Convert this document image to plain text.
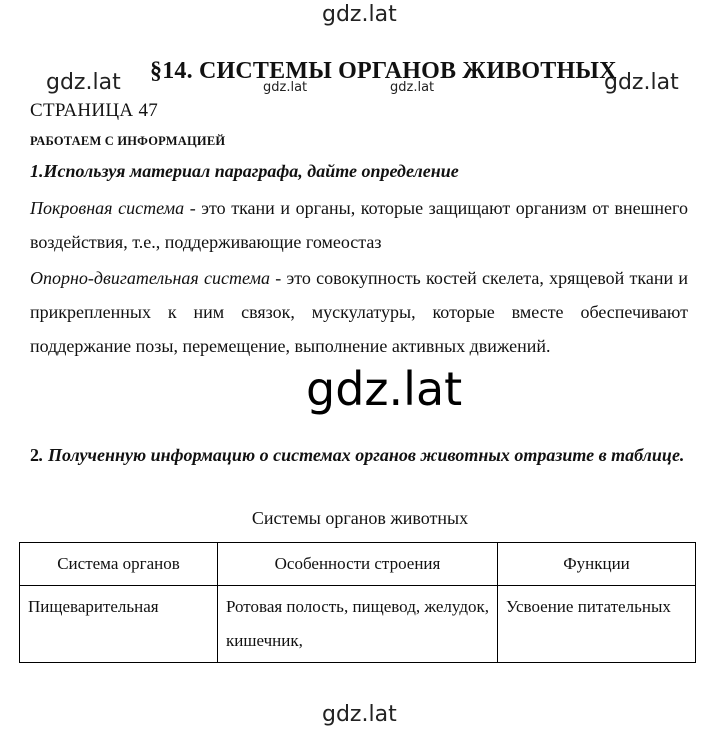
gdz.lat
gdz.lat	gdz.lat
§14. СИСТЕМЫ ОРГАНОВ ЖИВОТНЫХ
gdz.lat	gdz.lat
СТРАНИЦА 47
РАБОТАЕМ С ИНФОРМАЦИЕЙ
1.Используя материал параграфа, дайте определение
Покровная система - это ткани и органы, которые защищают организм от внешнего воздействия, т.е., поддерживающие гомеостаз
Опорно-двигательная система - это совокупность костей скелета, хрящевой ткани и прикрепленных к ним связок, мускулатуры, которые вместе обеспечивают поддержание позы, перемещение, выполнение активных движений.
gdz.lat
2. Полученную информацию о системах органов животных отразите в таблице.
Системы органов животных
Система органов	Особенности строения	Функции
Пищеварительная	Ротовая полость, пищевод, желудок, кишечник,	Усвоение питательных
gdz.lat
